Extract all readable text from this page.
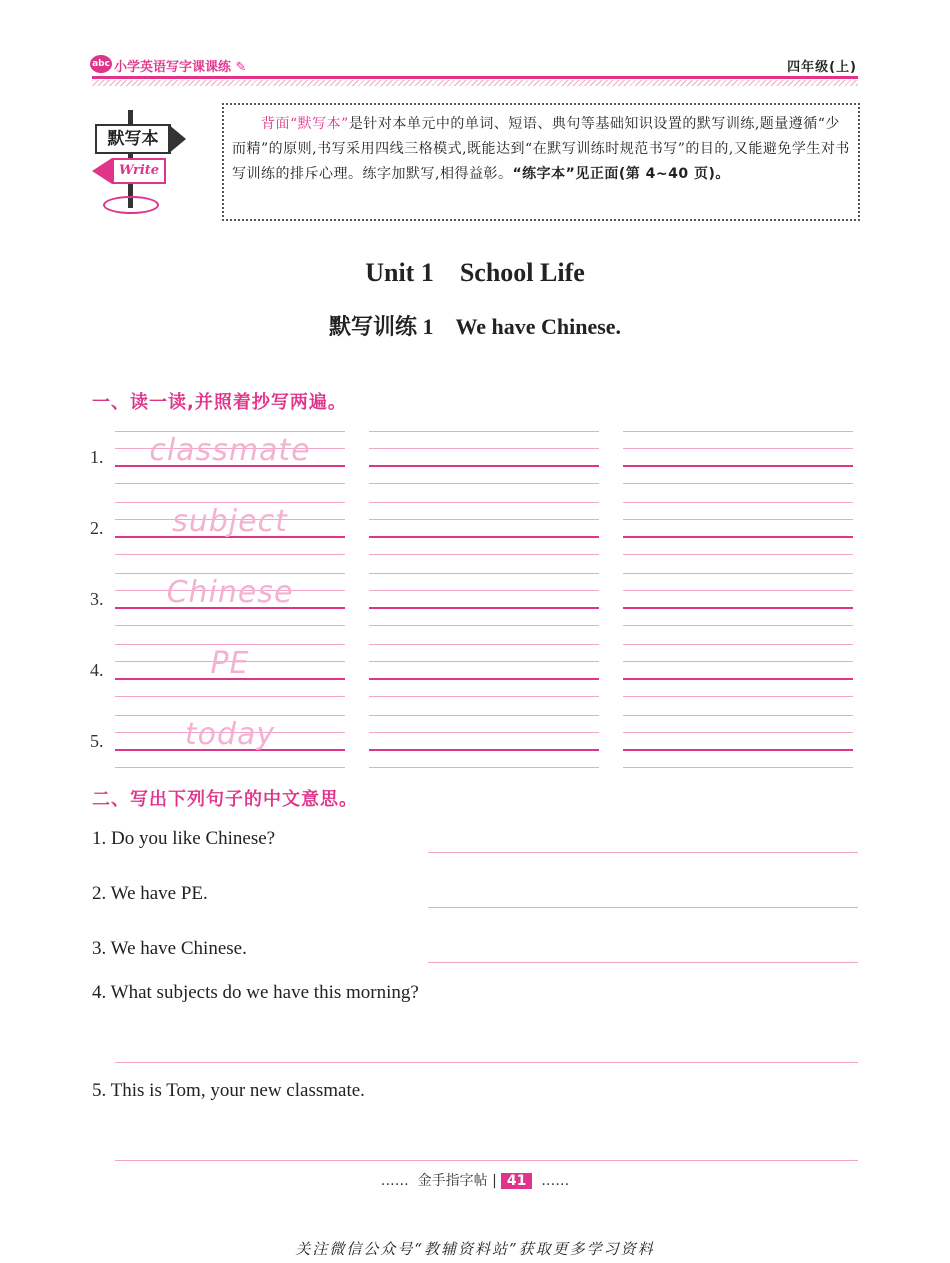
abc 小学英语写字课课练 ✎	四年级(上)
默写本
Write
  背面“默写本”是针对本单元中的单词、短语、典句等基础知识设置的默写训练,题量遵循“少而精”的原则,书写采用四线三格模式,既能达到“在默写训练时规范书写”的目的,又能避免学生对书写训练的排斥心理。练字加默写,相得益彰。“练字本”见正面(第 4~40 页)。
Unit 1    School Life
默写训练 1    We have Chinese.
一、读一读,并照着抄写两遍。
1.	classmate
2.	subject
3.	Chinese
4.	PE
5.	today
二、写出下列句子的中文意思。
1. Do you like Chinese?
2. We have PE.
3. We have Chinese.
4. What subjects do we have this morning?
5. This is Tom, your new classmate.
…… 金手指字帖 | 41 ……
关注微信公众号“教辅资料站”获取更多学习资料
